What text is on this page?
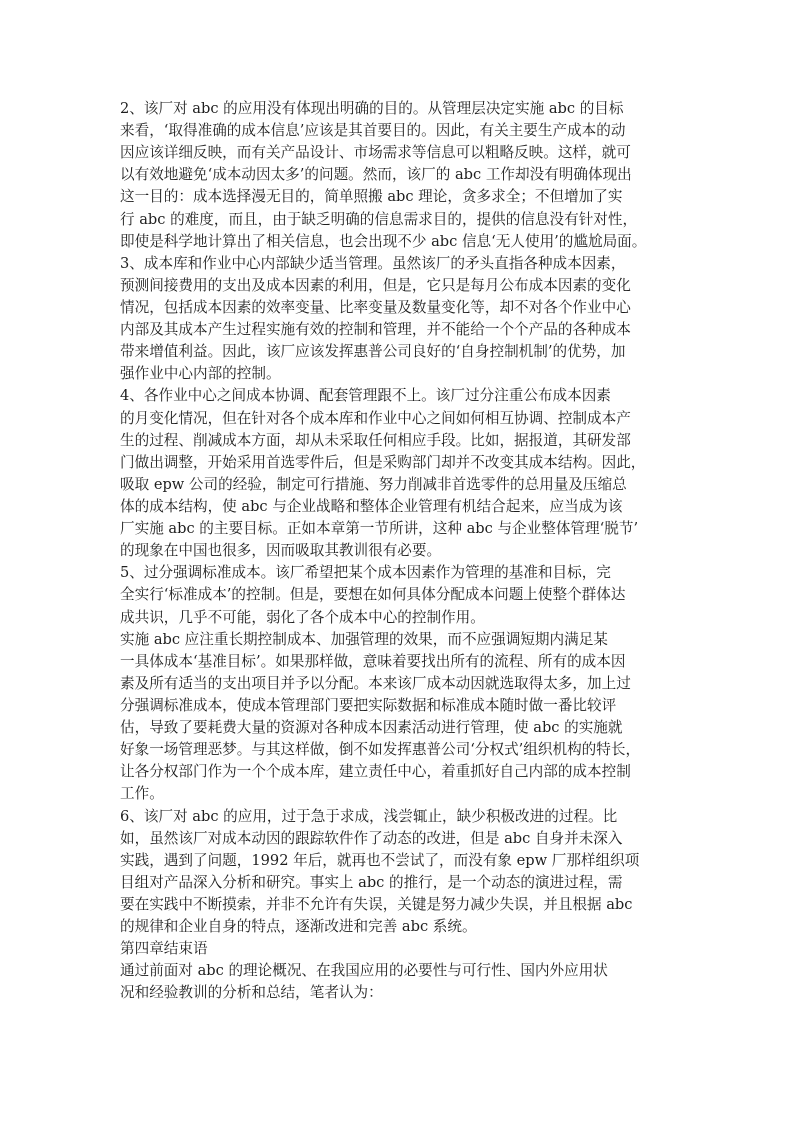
2、该厂对 abc 的应用没有体现出明确的目的。从管理层决定实施 abc 的目标
来看，‘取得准确的成本信息’应该是其首要目的。因此，有关主要生产成本的动
因应该详细反映，而有关产品设计、市场需求等信息可以粗略反映。这样，就可
以有效地避免‘成本动因太多’的问题。然而，该厂的 abc 工作却没有明确体现出
这一目的：成本选择漫无目的，简单照搬 abc 理论，贪多求全；不但增加了实
行 abc 的难度，而且，由于缺乏明确的信息需求目的，提供的信息没有针对性，
即使是科学地计算出了相关信息，也会出现不少 abc 信息‘无人使用’的尴尬局面。
3、成本库和作业中心内部缺少适当管理。虽然该厂的矛头直指各种成本因素，
预测间接费用的支出及成本因素的利用，但是，它只是每月公布成本因素的变化
情况，包括成本因素的效率变量、比率变量及数量变化等，却不对各个作业中心
内部及其成本产生过程实施有效的控制和管理，并不能给一个个产品的各种成本
带来增值利益。因此，该厂应该发挥惠普公司良好的‘自身控制机制’的优势，加
强作业中心内部的控制。
4、各作业中心之间成本协调、配套管理跟不上。该厂过分注重公布成本因素
的月变化情况，但在针对各个成本库和作业中心之间如何相互协调、控制成本产
生的过程、削减成本方面，却从未采取任何相应手段。比如，据报道，其研发部
门做出调整，开始采用首选零件后，但是采购部门却并不改变其成本结构。因此，
吸取 epw 公司的经验，制定可行措施、努力削减非首选零件的总用量及压缩总
体的成本结构，使 abc 与企业战略和整体企业管理有机结合起来，应当成为该
厂实施 abc 的主要目标。正如本章第一节所讲，这种 abc 与企业整体管理‘脱节’
的现象在中国也很多，因而吸取其教训很有必要。
5、过分强调标准成本。该厂希望把某个成本因素作为管理的基准和目标，完
全实行‘标准成本’的控制。但是，要想在如何具体分配成本问题上使整个群体达
成共识，几乎不可能，弱化了各个成本中心的控制作用。
实施 abc 应注重长期控制成本、加强管理的效果，而不应强调短期内满足某
一具体成本‘基准目标’。如果那样做，意味着要找出所有的流程、所有的成本因
素及所有适当的支出项目并予以分配。本来该厂成本动因就选取得太多，加上过
分强调标准成本，使成本管理部门要把实际数据和标准成本随时做一番比较评
估，导致了要耗费大量的资源对各种成本因素活动进行管理，使 abc 的实施就
好象一场管理恶梦。与其这样做，倒不如发挥惠普公司‘分权式’组织机构的特长，
让各分权部门作为一个个成本库，建立责任中心，着重抓好自己内部的成本控制
工作。
6、该厂对 abc 的应用，过于急于求成，浅尝辄止，缺少积极改进的过程。比
如，虽然该厂对成本动因的跟踪软件作了动态的改进，但是 abc 自身并未深入
实践，遇到了问题，1992 年后，就再也不尝试了，而没有象 epw 厂那样组织项
目组对产品深入分析和研究。事实上 abc 的推行，是一个动态的演进过程，需
要在实践中不断摸索，并非不允许有失误，关键是努力减少失误，并且根据 abc
的规律和企业自身的特点，逐渐改进和完善 abc 系统。
第四章结束语
通过前面对 abc 的理论概况、在我国应用的必要性与可行性、国内外应用状
况和经验教训的分析和总结，笔者认为：
